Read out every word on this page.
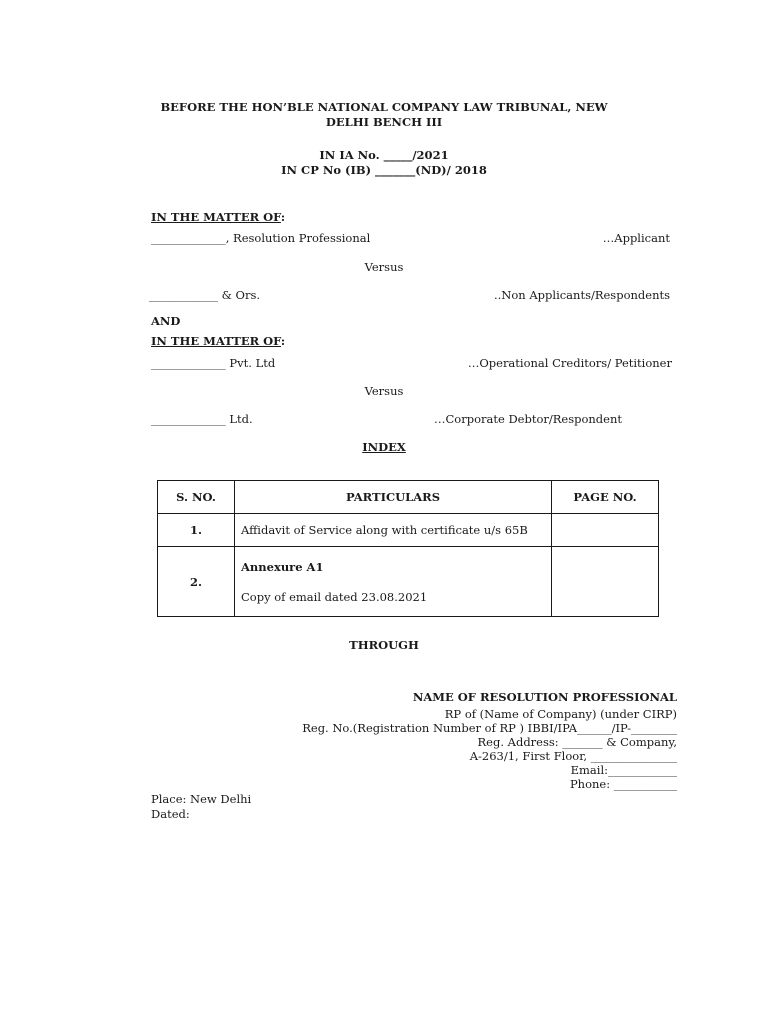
BEFORE THE HON’BLE NATIONAL COMPANY LAW TRIBUNAL, NEW
DELHI BENCH III
IN IA No. _____/2021
IN CP No (IB) _______(ND)/ 2018
IN THE MATTER OF:
_____________, Resolution Professional	…Applicant
Versus
____________ & Ors.	..Non Applicants/Respondents
AND
IN THE MATTER OF:
_____________ Pvt. Ltd	…Operational Creditors/ Petitioner
Versus
_____________ Ltd.	…Corporate Debtor/Respondent
INDEX
S. NO.	PARTICULARS	PAGE NO.
1.	Affidavit of Service along with certificate u/s 65B	
2.	Annexure A1
Copy of email dated 23.08.2021	

THROUGH
NAME OF RESOLUTION PROFESSIONAL
RP of (Name of Company) (under CIRP)
Reg. No.(Registration Number of RP ) IBBI/IPA______/IP-________
Reg. Address: _______ & Company,
A-263/1, First Floor, _______________
Email:____________
Phone: ___________
Place: New Delhi
Dated:
